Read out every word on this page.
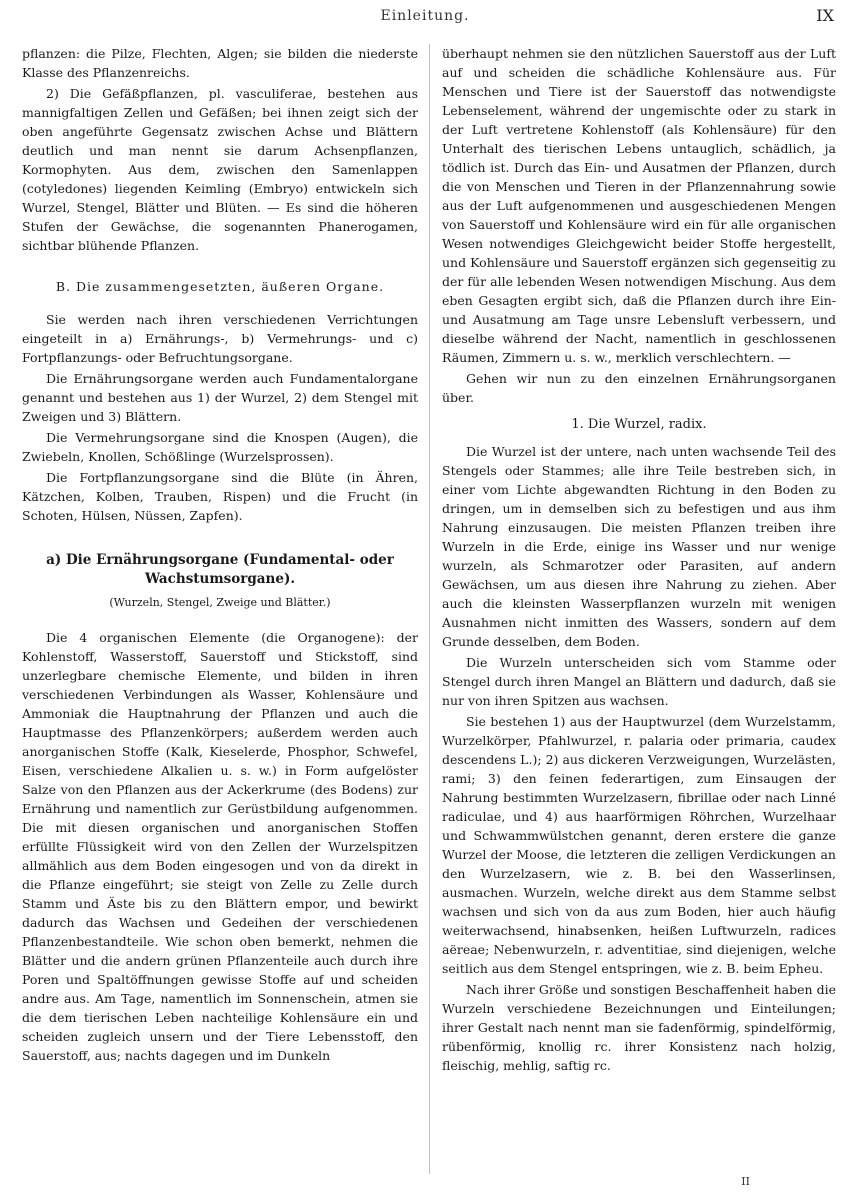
Einleitung.	IX

pflanzen: die Pilze, Flechten, Algen; sie bilden die niederste Klasse des Pflanzenreichs.

2) Die Gefäßpflanzen, pl. vasculiferae, bestehen aus mannigfaltigen Zellen und Gefäßen; bei ihnen zeigt sich der oben angeführte Gegensatz zwischen Achse und Blättern deutlich und man nennt sie darum Achsenpflanzen, Kormophyten. Aus dem, zwischen den Samenlappen (cotyledones) liegenden Keimling (Embryo) entwickeln sich Wurzel, Stengel, Blätter und Blüten. — Es sind die höheren Stufen der Gewächse, die sogenannten Phanerogamen, sichtbar blühende Pflanzen.

B. Die zusammengesetzten, äußeren Organe.

Sie werden nach ihren verschiedenen Verrichtungen eingeteilt in a) Ernährungs-, b) Vermehrungs- und c) Fortpflanzungs- oder Befruchtungsorgane.

Die Ernährungsorgane werden auch Fundamentalorgane genannt und bestehen aus 1) der Wurzel, 2) dem Stengel mit Zweigen und 3) Blättern.

Die Vermehrungsorgane sind die Knospen (Augen), die Zwiebeln, Knollen, Schößlinge (Wurzelsprossen).

Die Fortpflanzungsorgane sind die Blüte (in Ähren, Kätzchen, Kolben, Trauben, Rispen) und die Frucht (in Schoten, Hülsen, Nüssen, Zapfen).

a) Die Ernährungsorgane (Fundamental- oder Wachstumsorgane).

(Wurzeln, Stengel, Zweige und Blätter.)

Die 4 organischen Elemente (die Organogene): der Kohlenstoff, Wasserstoff, Sauerstoff und Stickstoff, sind unzerlegbare chemische Elemente, und bilden in ihren verschiedenen Verbindungen als Wasser, Kohlensäure und Ammoniak die Hauptnahrung der Pflanzen und auch die Hauptmasse des Pflanzenkörpers; außerdem werden auch anorganischen Stoffe (Kalk, Kieselerde, Phosphor, Schwefel, Eisen, verschiedene Alkalien u. s. w.) in Form aufgelöster Salze von den Pflanzen aus der Ackerkrume (des Bodens) zur Ernährung und namentlich zur Gerüstbildung aufgenommen. Die mit diesen organischen und anorganischen Stoffen erfüllte Flüssigkeit wird von den Zellen der Wurzelspitzen allmählich aus dem Boden eingesogen und von da direkt in die Pflanze eingeführt; sie steigt von Zelle zu Zelle durch Stamm und Äste bis zu den Blättern empor, und bewirkt dadurch das Wachsen und Gedeihen der verschiedenen Pflanzenbestandteile. Wie schon oben bemerkt, nehmen die Blätter und die andern grünen Pflanzenteile auch durch ihre Poren und Spaltöffnungen gewisse Stoffe auf und scheiden andre aus. Am Tage, namentlich im Sonnenschein, atmen sie die dem tierischen Leben nachteilige Kohlensäure ein und scheiden zugleich unsern und der Tiere Lebensstoff, den Sauerstoff, aus; nachts dagegen und im Dunkeln

überhaupt nehmen sie den nützlichen Sauerstoff aus der Luft auf und scheiden die schädliche Kohlensäure aus. Für Menschen und Tiere ist der Sauerstoff das notwendigste Lebenselement, während der ungemischte oder zu stark in der Luft vertretene Kohlenstoff (als Kohlensäure) für den Unterhalt des tierischen Lebens untauglich, schädlich, ja tödlich ist. Durch das Ein- und Ausatmen der Pflanzen, durch die von Menschen und Tieren in der Pflanzennahrung sowie aus der Luft aufgenommenen und ausgeschiedenen Mengen von Sauerstoff und Kohlensäure wird ein für alle organischen Wesen notwendiges Gleichgewicht beider Stoffe hergestellt, und Kohlensäure und Sauerstoff ergänzen sich gegenseitig zu der für alle lebenden Wesen notwendigen Mischung. Aus dem eben Gesagten ergibt sich, daß die Pflanzen durch ihre Ein- und Ausatmung am Tage unsre Lebensluft verbessern, und dieselbe während der Nacht, namentlich in geschlossenen Räumen, Zimmern u. s. w., merklich verschlechtern. —

Gehen wir nun zu den einzelnen Ernährungsorganen über.

1. Die Wurzel, radix.

Die Wurzel ist der untere, nach unten wachsende Teil des Stengels oder Stammes; alle ihre Teile bestreben sich, in einer vom Lichte abgewandten Richtung in den Boden zu dringen, um in demselben sich zu befestigen und aus ihm Nahrung einzusaugen. Die meisten Pflanzen treiben ihre Wurzeln in die Erde, einige ins Wasser und nur wenige wurzeln, als Schmarotzer oder Parasiten, auf andern Gewächsen, um aus diesen ihre Nahrung zu ziehen. Aber auch die kleinsten Wasserpflanzen wurzeln mit wenigen Ausnahmen nicht inmitten des Wassers, sondern auf dem Grunde desselben, dem Boden.

Die Wurzeln unterscheiden sich vom Stamme oder Stengel durch ihren Mangel an Blättern und dadurch, daß sie nur von ihren Spitzen aus wachsen.

Sie bestehen 1) aus der Hauptwurzel (dem Wurzelstamm, Wurzelkörper, Pfahlwurzel, r. palaria oder primaria, caudex descendens L.); 2) aus dickeren Verzweigungen, Wurzelästen, rami; 3) den feinen federartigen, zum Einsaugen der Nahrung bestimmten Wurzelzasern, fibrillae oder nach Linné radiculae, und 4) aus haarförmigen Röhrchen, Wurzelhaar und Schwammwülstchen genannt, deren erstere die ganze Wurzel der Moose, die letzteren die zelligen Verdickungen an den Wurzelzasern, wie z. B. bei den Wasserlinsen, ausmachen. Wurzeln, welche direkt aus dem Stamme selbst wachsen und sich von da aus zum Boden, hier auch häufig weiterwachsend, hinabsenken, heißen Luftwurzeln, radices aëreae; Nebenwurzeln, r. adventitiae, sind diejenigen, welche seitlich aus dem Stengel entspringen, wie z. B. beim Epheu.

Nach ihrer Größe und sonstigen Beschaffenheit haben die Wurzeln verschiedene Bezeichnungen und Einteilungen; ihrer Gestalt nach nennt man sie fadenförmig, spindelförmig, rübenförmig, knollig rc. ihrer Konsistenz nach holzig, fleischig, mehlig, saftig rc.

II
